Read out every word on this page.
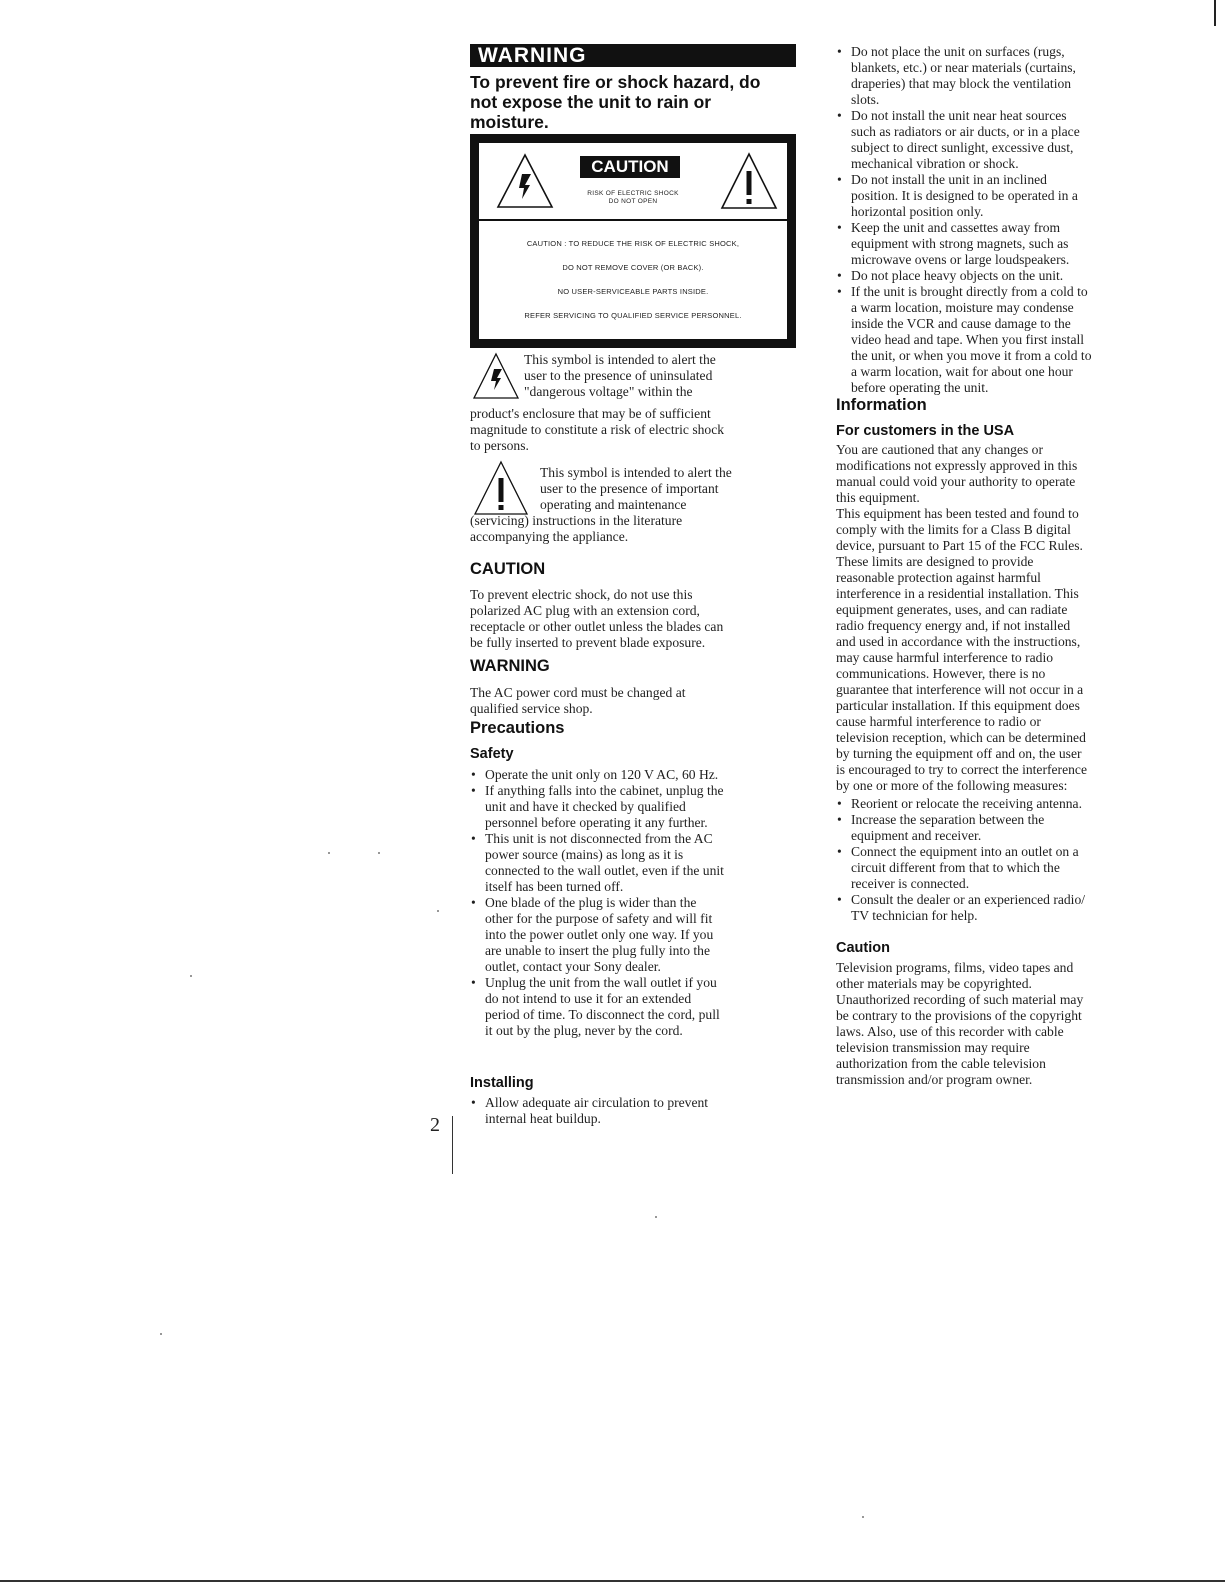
WARNING
To prevent fire or shock hazard, do
not expose the unit to rain or
moisture.
CAUTION
RISK OF ELECTRIC SHOCK
DO NOT OPEN
CAUTION : TO REDUCE THE RISK OF ELECTRIC SHOCK,
DO NOT REMOVE COVER (OR BACK).
NO USER-SERVICEABLE PARTS INSIDE.
REFER SERVICING TO QUALIFIED SERVICE PERSONNEL.
This symbol is intended to alert the
user to the presence of uninsulated
"dangerous voltage" within the
product's enclosure that may be of sufficient
magnitude to constitute a risk of electric shock
to persons.
This symbol is intended to alert the
user to the presence of important
operating and maintenance
(servicing) instructions in the literature
accompanying the appliance.
CAUTION
To prevent electric shock, do not use this
polarized AC plug with an extension cord,
receptacle or other outlet unless the blades can
be fully inserted to prevent blade exposure.
WARNING
The AC power cord must be changed at
qualified service shop.
Precautions
Safety
• Operate the unit only on 120 V AC, 60 Hz.
• If anything falls into the cabinet, unplug the
unit and have it checked by qualified
personnel before operating it any further.
• This unit is not disconnected from the AC
power source (mains) as long as it is
connected to the wall outlet, even if the unit
itself has been turned off.
• One blade of the plug is wider than the
other for the purpose of safety and will fit
into the power outlet only one way. If you
are unable to insert the plug fully into the
outlet, contact your Sony dealer.
• Unplug the unit from the wall outlet if you
do not intend to use it for an extended
period of time. To disconnect the cord, pull
it out by the plug, never by the cord.
Installing
• Allow adequate air circulation to prevent
internal heat buildup.
2
• Do not place the unit on surfaces (rugs,
blankets, etc.) or near materials (curtains,
draperies) that may block the ventilation
slots.
• Do not install the unit near heat sources
such as radiators or air ducts, or in a place
subject to direct sunlight, excessive dust,
mechanical vibration or shock.
• Do not install the unit in an inclined
position. It is designed to be operated in a
horizontal position only.
• Keep the unit and cassettes away from
equipment with strong magnets, such as
microwave ovens or large loudspeakers.
• Do not place heavy objects on the unit.
• If the unit is brought directly from a cold to
a warm location, moisture may condense
inside the VCR and cause damage to the
video head and tape. When you first install
the unit, or when you move it from a cold to
a warm location, wait for about one hour
before operating the unit.
Information
For customers in the USA
You are cautioned that any changes or
modifications not expressly approved in this
manual could void your authority to operate
this equipment.
This equipment has been tested and found to
comply with the limits for a Class B digital
device, pursuant to Part 15 of the FCC Rules.
These limits are designed to provide
reasonable protection against harmful
interference in a residential installation. This
equipment generates, uses, and can radiate
radio frequency energy and, if not installed
and used in accordance with the instructions,
may cause harmful interference to radio
communications. However, there is no
guarantee that interference will not occur in a
particular installation. If this equipment does
cause harmful interference to radio or
television reception, which can be determined
by turning the equipment off and on, the user
is encouraged to try to correct the interference
by one or more of the following measures:
• Reorient or relocate the receiving antenna.
• Increase the separation between the
equipment and receiver.
• Connect the equipment into an outlet on a
circuit different from that to which the
receiver is connected.
• Consult the dealer or an experienced radio/
TV technician for help.
Caution
Television programs, films, video tapes and
other materials may be copyrighted.
Unauthorized recording of such material may
be contrary to the provisions of the copyright
laws. Also, use of this recorder with cable
television transmission may require
authorization from the cable television
transmission and/or program owner.
